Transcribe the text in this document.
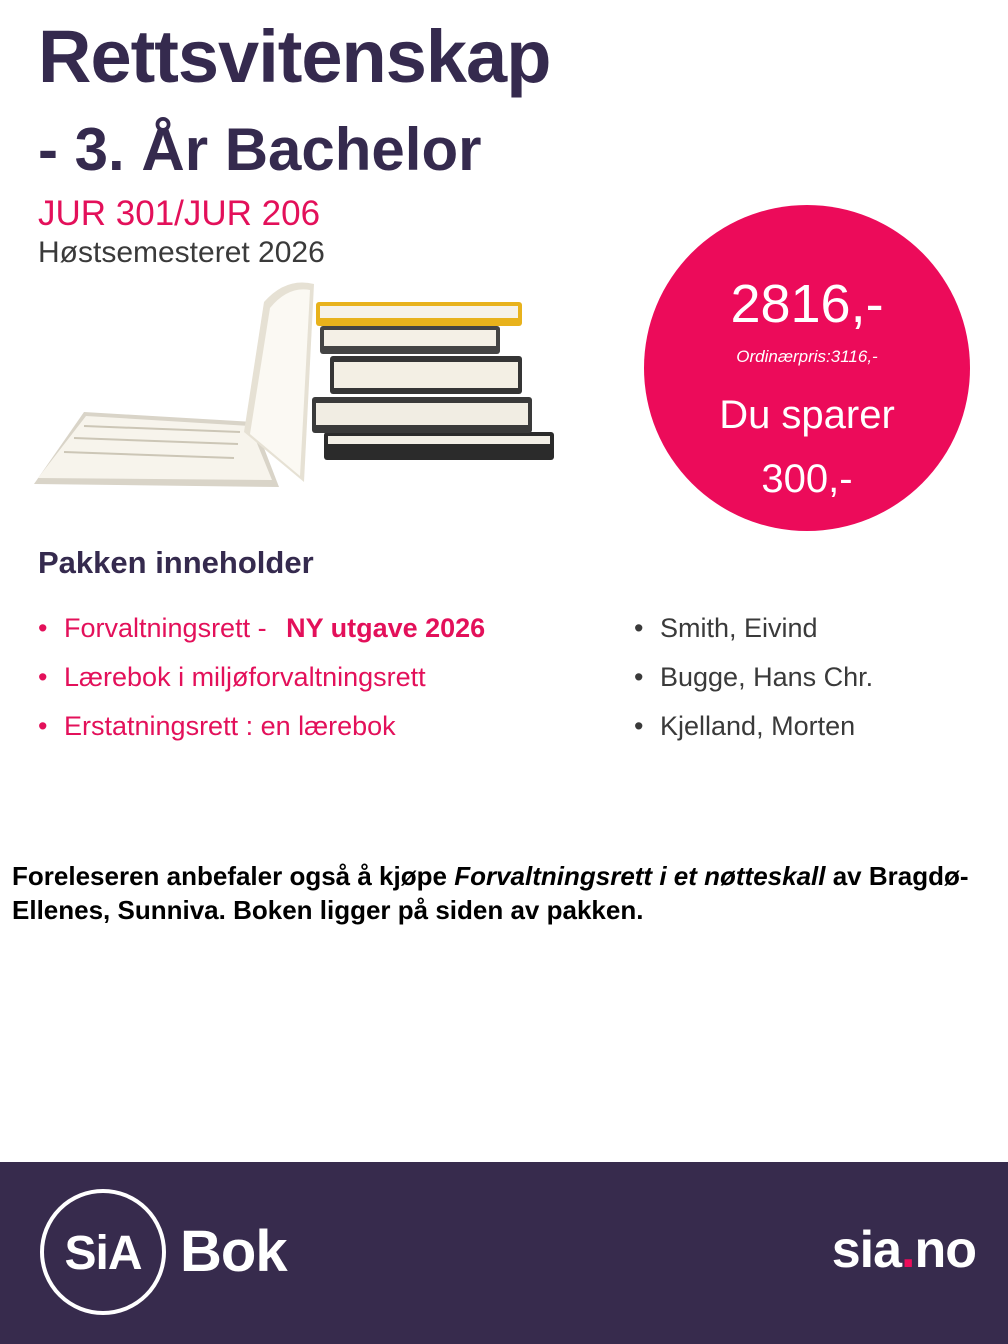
Rettsvitenskap
- 3. År Bachelor
JUR 301/JUR 206
Høstsemesteret 2026
2816,-
Ordinærpris:3116,-
Du sparer
300,-
Pakken inneholder
• Forvaltningsrett - NY utgave 2026
• Lærebok i miljøforvaltningsrett
• Erstatningsrett : en lærebok
• Smith, Eivind
• Bugge, Hans Chr.
• Kjelland, Morten

Foreleseren anbefaler også å kjøpe Forvaltningsrett i et nøtteskall av Bragdø-Ellenes, Sunniva. Boken ligger på siden av pakken.

SiA Bok	sia.no
